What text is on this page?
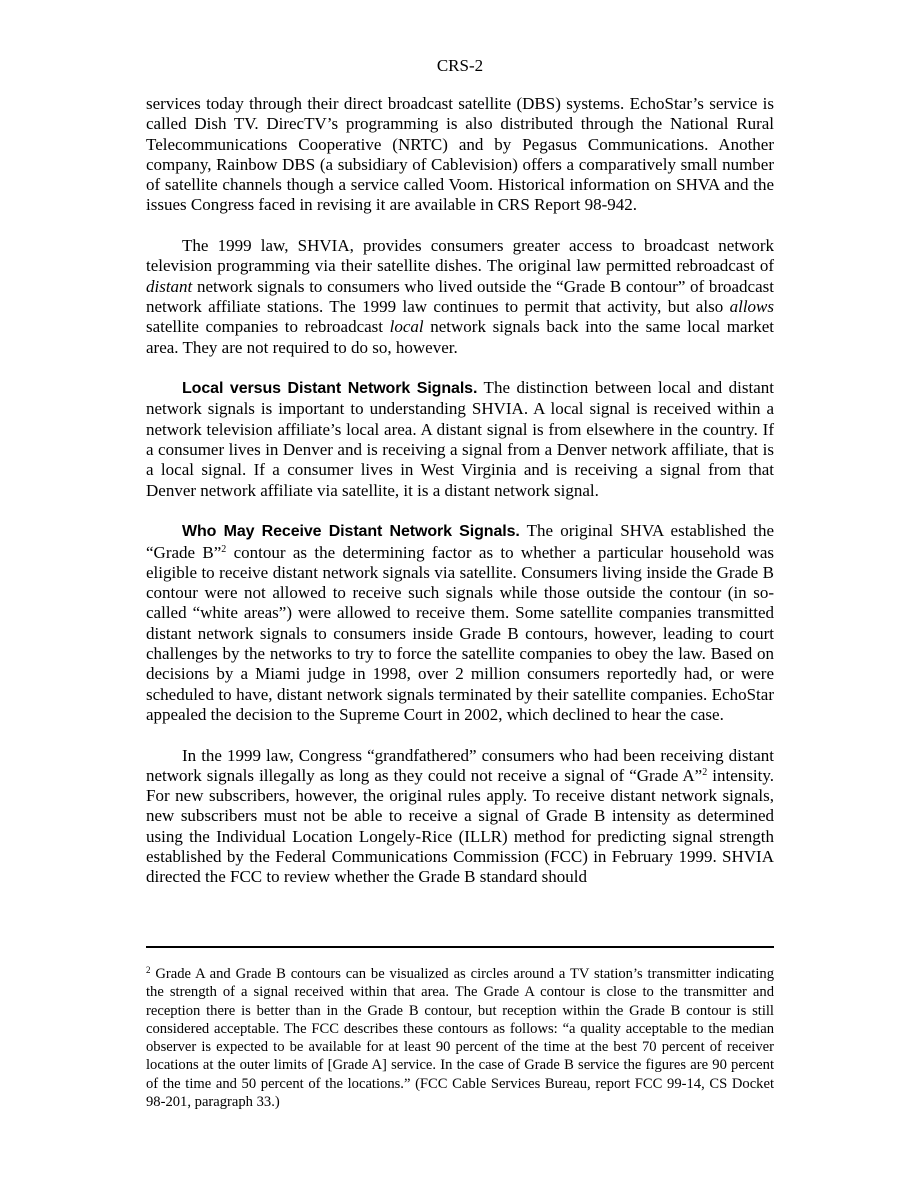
CRS-2

services today through their direct broadcast satellite (DBS) systems. EchoStar’s service is called Dish TV. DirecTV’s programming is also distributed through the National Rural Telecommunications Cooperative (NRTC) and by Pegasus Communications. Another company, Rainbow DBS (a subsidiary of Cablevision) offers a comparatively small number of satellite channels though a service called Voom. Historical information on SHVA and the issues Congress faced in revising it are available in CRS Report 98-942.

The 1999 law, SHVIA, provides consumers greater access to broadcast network television programming via their satellite dishes. The original law permitted rebroadcast of distant network signals to consumers who lived outside the “Grade B contour” of broadcast network affiliate stations. The 1999 law continues to permit that activity, but also allows satellite companies to rebroadcast local network signals back into the same local market area. They are not required to do so, however.

Local versus Distant Network Signals. The distinction between local and distant network signals is important to understanding SHVIA. A local signal is received within a network television affiliate’s local area. A distant signal is from elsewhere in the country. If a consumer lives in Denver and is receiving a signal from a Denver network affiliate, that is a local signal. If a consumer lives in West Virginia and is receiving a signal from that Denver network affiliate via satellite, it is a distant network signal.

Who May Receive Distant Network Signals. The original SHVA established the “Grade B”$^2$ contour as the determining factor as to whether a particular household was eligible to receive distant network signals via satellite. Consumers living inside the Grade B contour were not allowed to receive such signals while those outside the contour (in so-called “white areas”) were allowed to receive them. Some satellite companies transmitted distant network signals to consumers inside Grade B contours, however, leading to court challenges by the networks to try to force the satellite companies to obey the law. Based on decisions by a Miami judge in 1998, over 2 million consumers reportedly had, or were scheduled to have, distant network signals terminated by their satellite companies. EchoStar appealed the decision to the Supreme Court in 2002, which declined to hear the case.

In the 1999 law, Congress “grandfathered” consumers who had been receiving distant network signals illegally as long as they could not receive a signal of “Grade A”$^2$ intensity. For new subscribers, however, the original rules apply. To receive distant network signals, new subscribers must not be able to receive a signal of Grade B intensity as determined using the Individual Location Longely-Rice (ILLR) method for predicting signal strength established by the Federal Communications Commission (FCC) in February 1999. SHVIA directed the FCC to review whether the Grade B standard should

$^2$ Grade A and Grade B contours can be visualized as circles around a TV station’s transmitter indicating the strength of a signal received within that area. The Grade A contour is close to the transmitter and reception there is better than in the Grade B contour, but reception within the Grade B contour is still considered acceptable. The FCC describes these contours as follows: “a quality acceptable to the median observer is expected to be available for at least 90 percent of the time at the best 70 percent of receiver locations at the outer limits of [Grade A] service. In the case of Grade B service the figures are 90 percent of the time and 50 percent of the locations.” (FCC Cable Services Bureau, report FCC 99-14, CS Docket 98-201, paragraph 33.)
